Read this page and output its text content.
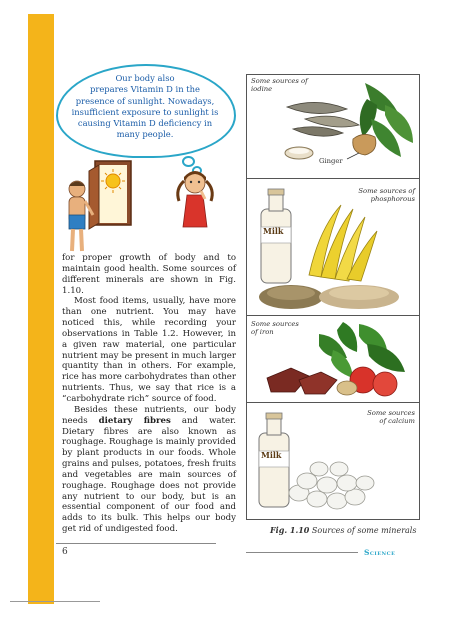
Our body also
prepares Vitamin D in the
presence of sunlight. Nowadays,
insufficient exposure to sunlight is
causing Vitamin D deficiency in
many people.

for proper growth of body and to maintain good health. Some sources of different minerals are shown in Fig. 1.10.

Most food items, usually, have more than one nutrient. You may have noticed this, while recording your observations in Table 1.2. However, in a given raw material, one particular nutrient may be present in much larger quantity than in others. For example, rice has more carbohydrates than other nutrients. Thus, we say that rice is a “carbohydrate rich” source of food.

Besides these nutrients, our body needs dietary fibres and water. Dietary fibres are also known as roughage. Roughage is mainly provided by plant products in our foods. Whole grains and pulses, potatoes, fresh fruits and vegetables are main sources of roughage. Roughage does not provide any nutrient to our body, but is an essential component of our food and adds to its bulk. This helps our body get rid of undigested food.

Some sources of
iodine
Ginger
Some sources of
phosphorous
Milk
Some sources
of iron
Some sources
of calcium
Milk
Fig. 1.10 Sources of some minerals
6	Science
